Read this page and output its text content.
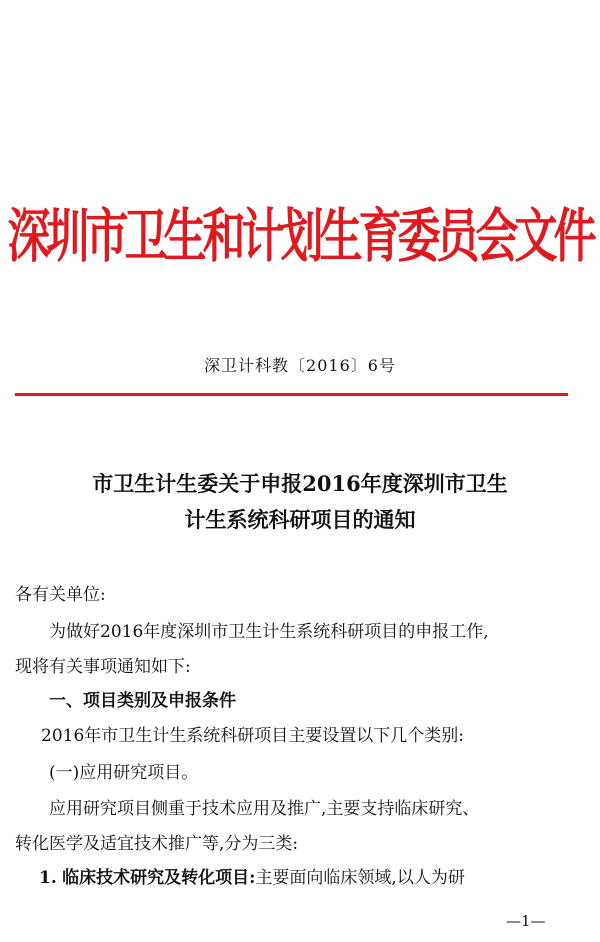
深圳市卫生和计划生育委员会文件
深卫计科教〔2016〕6号
市卫生计生委关于申报2016年度深圳市卫生
计生系统科研项目的通知
各有关单位:
为做好2016年度深圳市卫生计生系统科研项目的申报工作,
现将有关事项通知如下:
一、项目类别及申报条件
2016年市卫生计生系统科研项目主要设置以下几个类别:
(一)应用研究项目。
应用研究项目侧重于技术应用及推广,主要支持临床研究、
转化医学及适宜技术推广等,分为三类:
1. 临床技术研究及转化项目:主要面向临床领域,以人为研
—1—
